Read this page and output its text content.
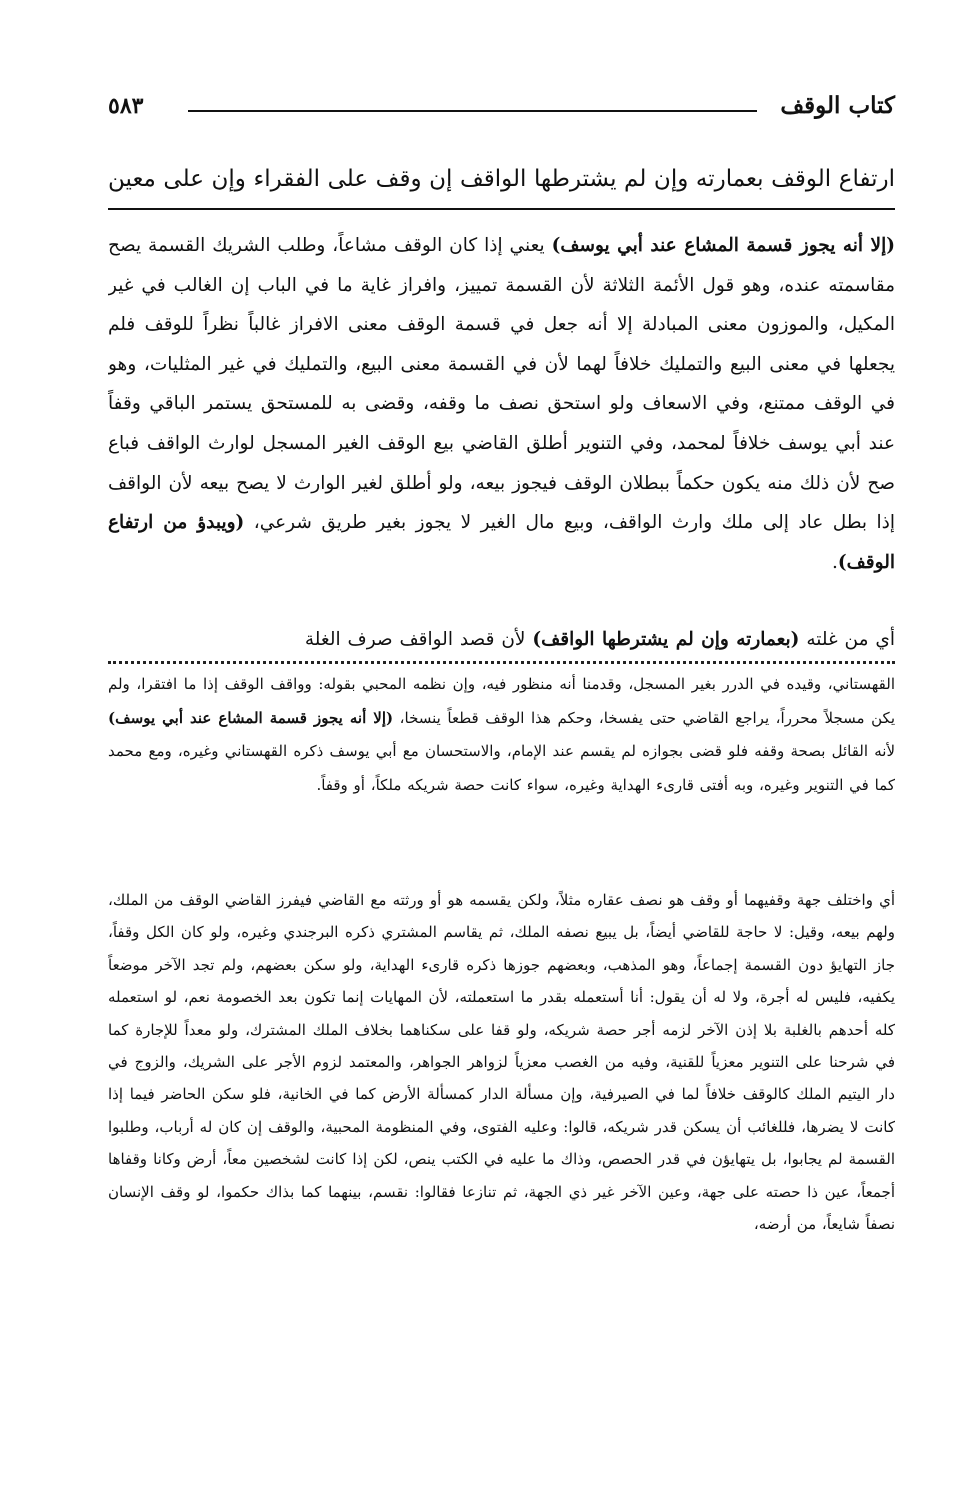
كتاب الوقف
٥٨٣
ارتفاع الوقف بعمارته وإن لم يشترطها الواقف إن وقف على الفقراء وإن على معين

(إلا أنه يجوز قسمة المشاع عند أبي يوسف) يعني إذا كان الوقف مشاعاً، وطلب الشريك القسمة يصح مقاسمته عنده، وهو قول الأئمة الثلاثة لأن القسمة تمييز، وافراز غاية ما في الباب إن الغالب في غير المكيل، والموزون معنى المبادلة إلا أنه جعل في قسمة الوقف معنى الافراز غالباً نظراً للوقف فلم يجعلها في معنى البيع والتمليك خلافاً لهما لأن في القسمة معنى البيع، والتمليك في غير المثليات، وهو في الوقف ممتنع، وفي الاسعاف ولو استحق نصف ما وقفه، وقضى به للمستحق يستمر الباقي وقفاً عند أبي يوسف خلافاً لمحمد، وفي التنوير أطلق القاضي بيع الوقف الغير المسجل لوارث الواقف فباع صح لأن ذلك منه يكون حكماً ببطلان الوقف فيجوز بيعه، ولو أطلق لغير الوارث لا يصح بيعه لأن الواقف إذا بطل عاد إلى ملك وارث الواقف، وبيع مال الغير لا يجوز بغير طريق شرعي، (ويبدؤ من ارتفاع الوقف).

أي من غلته (بعمارته وإن لم يشترطها الواقف) لأن قصد الواقف صرف الغلة

القهستاني، وقيده في الدرر بغير المسجل، وقدمنا أنه منظور فيه، وإن نظمه المحبي بقوله: وواقف الوقف إذا ما افتقرا، ولم يكن مسجلاً محرراً، يراجع القاضي حتى يفسخا، وحكم هذا الوقف قطعاً ينسخا، (إلا أنه يجوز قسمة المشاع عند أبي يوسف) لأنه القائل بصحة وقفه فلو قضى بجوازه لم يقسم عند الإمام، والاستحسان مع أبي يوسف ذكره القهستاني وغيره، ومع محمد كما في التنوير وغيره، وبه أفتى قارىء الهداية وغيره، سواء كانت حصة شريكه ملكاً، أو وقفاً.

أي واختلف جهة وقفيهما أو وقف هو نصف عقاره مثلاً، ولكن يقسمه هو أو ورثته مع القاضي فيفرز القاضي الوقف من الملك، ولهم بيعه، وقيل: لا حاجة للقاضي أيضاً، بل يبيع نصفه الملك، ثم يقاسم المشتري ذكره البرجندي وغيره، ولو كان الكل وقفاً، جاز التهايؤ دون القسمة إجماعاً، وهو المذهب، وبعضهم جوزها ذكره قارىء الهداية، ولو سكن بعضهم، ولم تجد الآخر موضعاً يكفيه، فليس له أجرة، ولا له أن يقول: أنا أستعمله بقدر ما استعملته، لأن المهايات إنما تكون بعد الخصومة نعم، لو استعمله كله أحدهم بالغلبة بلا إذن الآخر لزمه أجر حصة شريكه، ولو قفا على سكناهما بخلاف الملك المشترك، ولو معداً للإجارة كما في شرحنا على التنوير معزياً للقنية، وفيه من الغصب معزياً لزواهر الجواهر، والمعتمد لزوم الأجر على الشريك، والزوج في دار اليتيم الملك كالوقف خلافاً لما في الصيرفية، وإن مسألة الدار كمسألة الأرض كما في الخانية، فلو سكن الحاضر فيما إذا كانت لا يضرها، فللغائب أن يسكن قدر شريكه، قالوا: وعليه الفتوى، وفي المنظومة المحبية، والوقف إن كان له أرباب، وطلبوا القسمة لم يجابوا، بل يتهايؤن في قدر الحصص، وذاك ما عليه في الكتب ينص، لكن إذا كانت لشخصين معاً، أرض وكانا وقفاها أجمعاً، عين ذا حصته على جهة، وعين الآخر غير ذي الجهة، ثم تنازعا فقالوا: نقسم، بينهما كما بذاك حكموا، لو وقف الإنسان نصفاً شايعاً، من أرضه،
